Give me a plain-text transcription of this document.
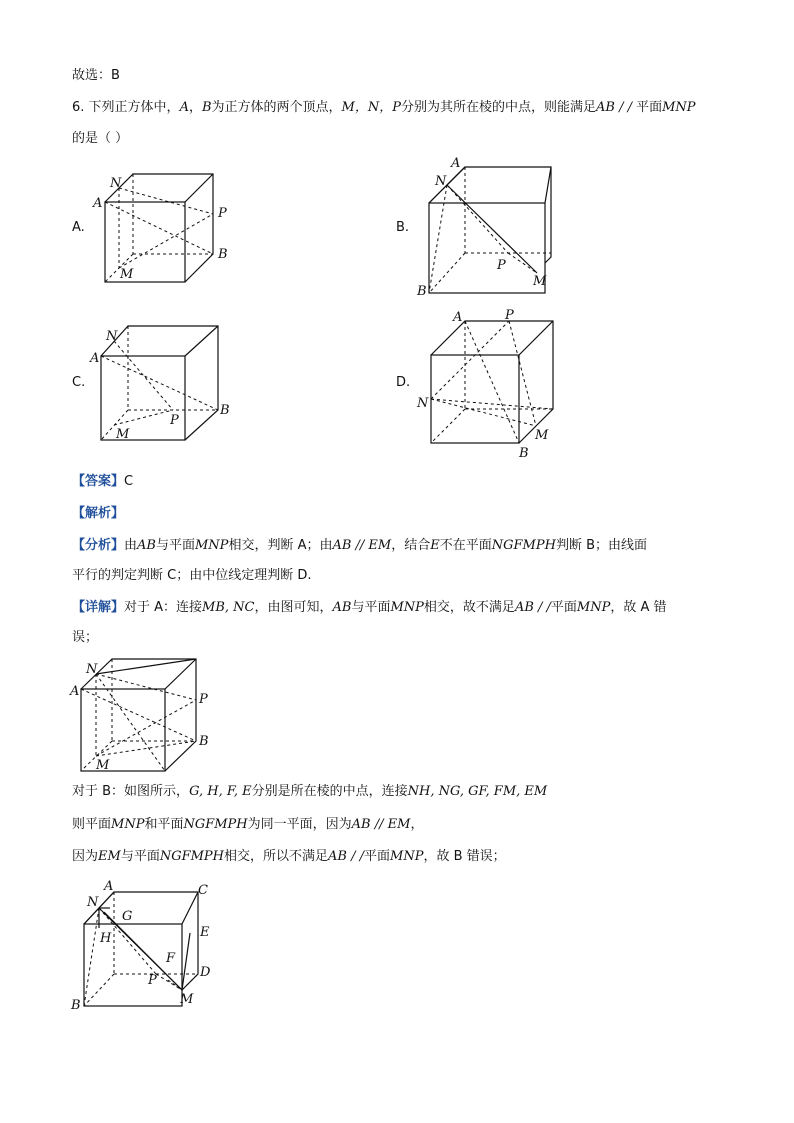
故选：B
6. 下列正方体中，A，B为正方体的两个顶点，M，N，P分别为其所在棱的中点，则能满足AB / / 平面MNP
的是（ ）
【答案】C
【解析】
【分析】由AB与平面MNP相交，判断 A；由AB // EM，结合E不在平面NGFMPH判断 B；由线面
平行的判定判断 C；由中位线定理判断 D.
【详解】对于 A：连接MB, NC，由图可知，AB与平面MNP相交，故不满足AB / /平面MNP，故 A 错
误；
对于 B：如图所示，G, H, F, E分别是所在棱的中点，连接NH, NG, GF, FM, EM
则平面MNP和平面NGFMPH为同一平面，因为AB // EM，
因为EM与平面NGFMPH相交，所以不满足AB / /平面MNP，故 B 错误；
A.	B.
C.	D.
N
A
P
B
M
A
N
P
M
B
N
A
P
B
M
A	P
N
M
B
N
A
P
B
M
A	C
N
G
H	E
F
D
P
M
B
